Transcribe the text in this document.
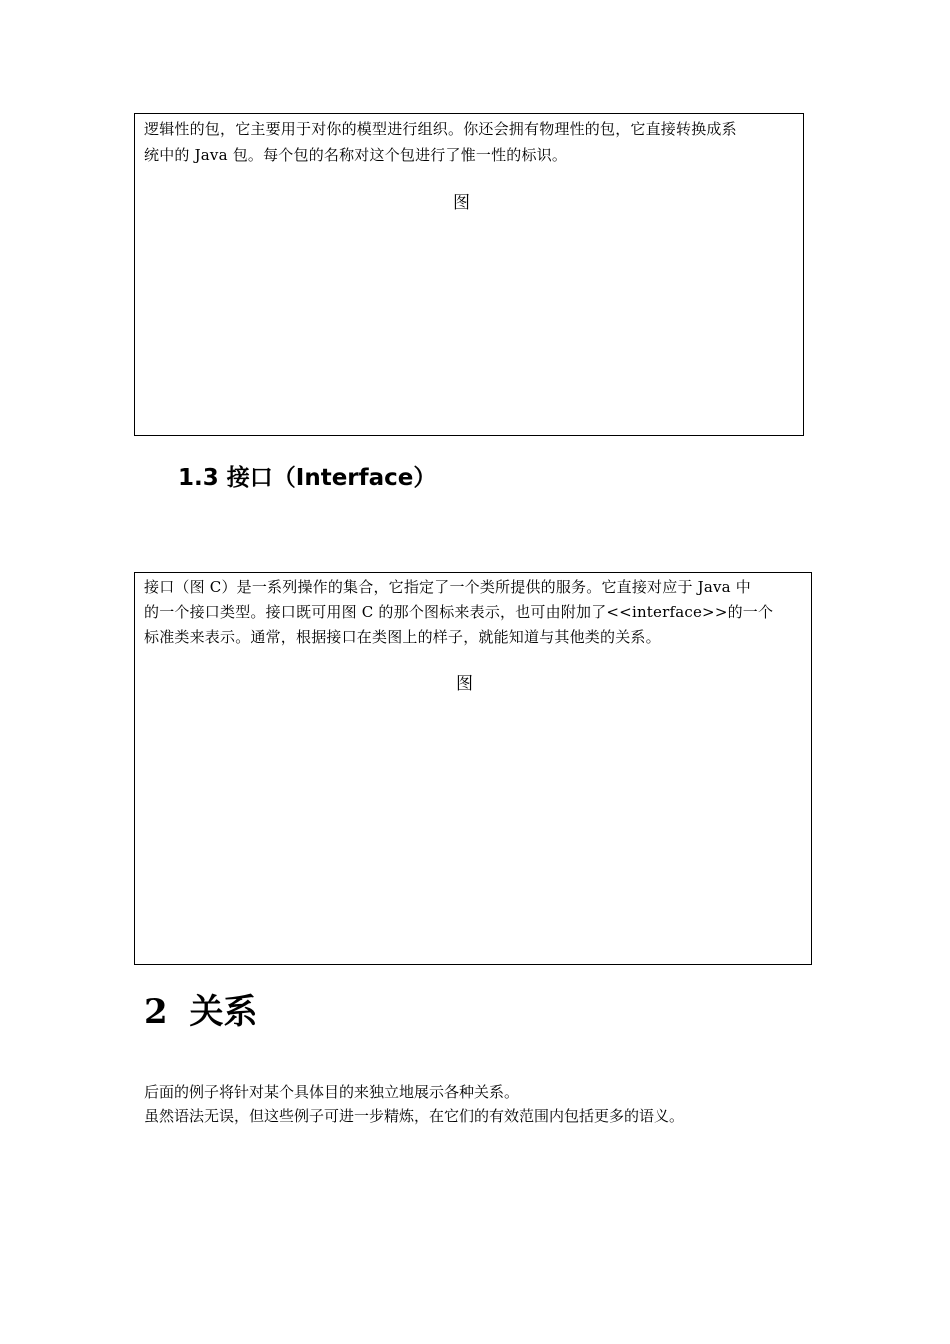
逻辑性的包，它主要用于对你的模型进行组织。你还会拥有物理性的包，它直接转换成系

统中的 Java 包。每个包的名称对这个包进行了惟一性的标识。

图

1.3 接口（Interface）

接口（图 C）是一系列操作的集合，它指定了一个类所提供的服务。它直接对应于 Java 中

的一个接口类型。接口既可用图 C 的那个图标来表示，也可由附加了<<interface>>的一个

标准类来表示。通常，根据接口在类图上的样子，就能知道与其他类的关系。

图

2 关系

后面的例子将针对某个具体目的来独立地展示各种关系。

虽然语法无误，但这些例子可进一步精炼，在它们的有效范围内包括更多的语义。
